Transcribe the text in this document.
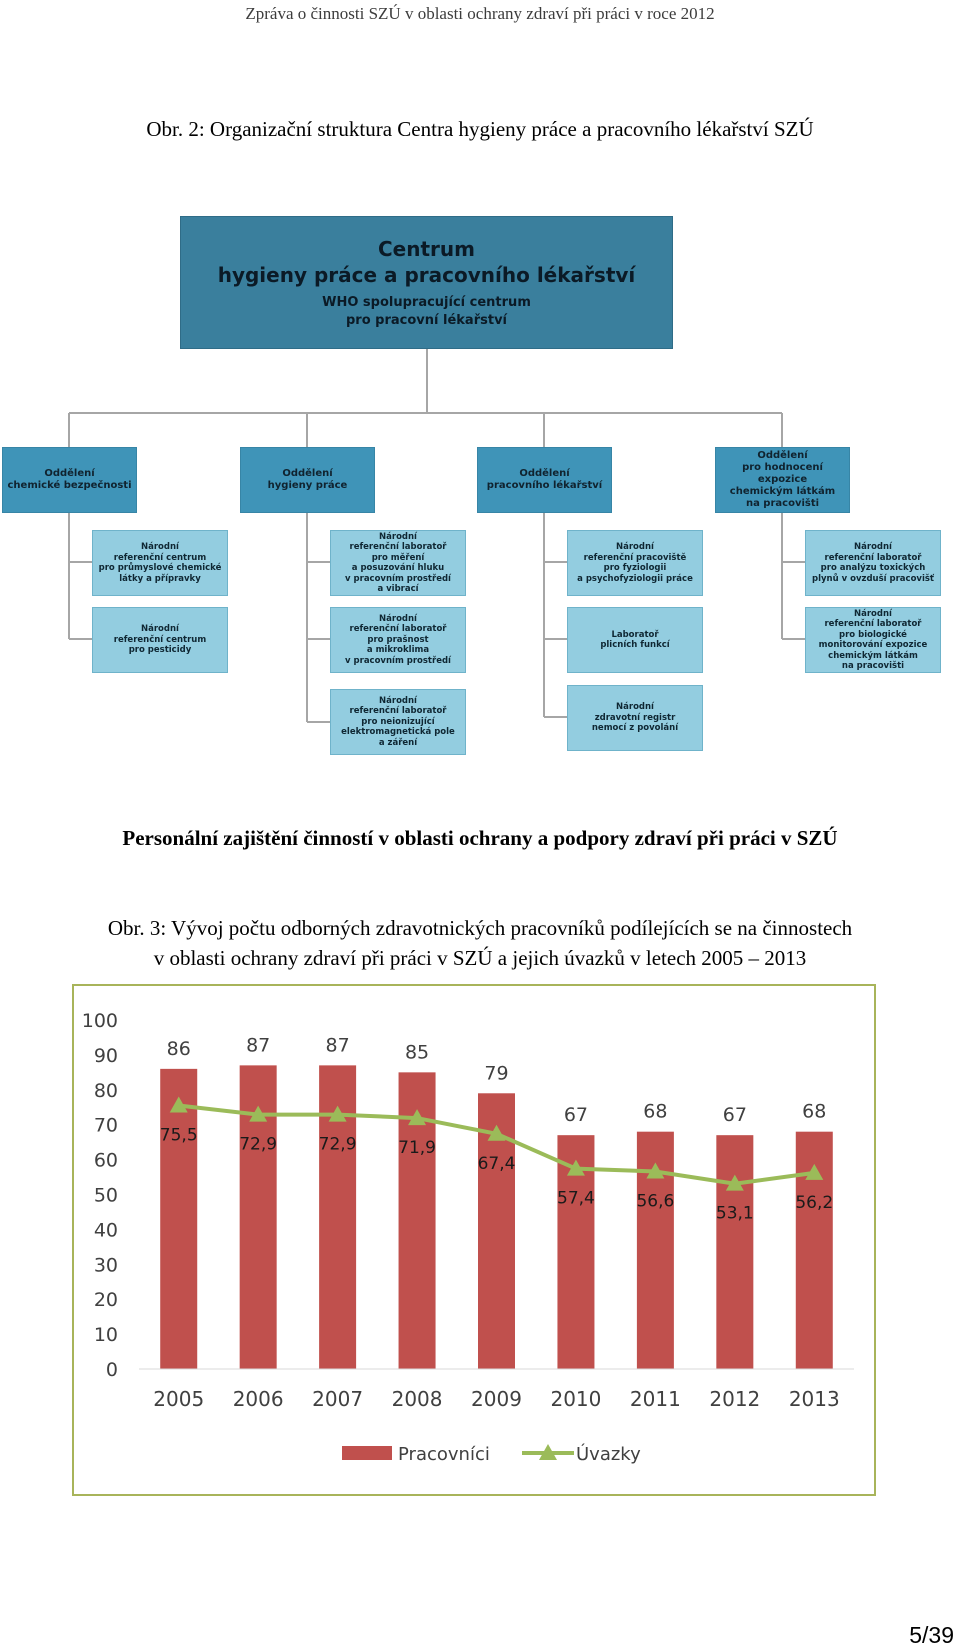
Zpráva o činnosti SZÚ v oblasti ochrany zdraví při práci v roce 2012
Obr. 2: Organizační struktura Centra hygieny práce a pracovního lékařství SZÚ
Centrum
hygieny práce a pracovního lékařství
WHO spolupracující centrum
pro pracovní lékařství
Oddělení
chemické bezpečnosti
Oddělení
hygieny práce
Oddělení
pracovního lékařství
Oddělení
pro hodnocení expozice
chemickým látkám
na pracovišti
Národní
referenční centrum
pro průmyslové chemické
látky a přípravky
Národní
referenční centrum
pro pesticidy
Národní
referenční laboratoř
pro měření
a posuzování hluku
v pracovním prostředí
a vibrací
Národní
referenční laboratoř
pro prašnost
a mikroklima
v pracovním prostředí
Národní
referenční laboratoř
pro neionizující
elektromagnetická pole
a záření
Národní
referenční pracoviště
pro fyziologii
a psychofyziologii práce
Laboratoř
plicních funkcí
Národní
zdravotní registr
nemocí z povolání
Národní
referenční laboratoř
pro analýzu toxických
plynů v ovzduší pracovišť
Národní
referenční laboratoř
pro biologické
monitorování expozice
chemickým látkám
na pracovišti
Personální zajištění činností v oblasti ochrany a podpory zdraví při práci v SZÚ
Obr. 3: Vývoj počtu odborných zdravotnických pracovníků podílejících se na činnostech
v oblasti ochrany zdraví při práci v SZÚ a jejich úvazků v letech 2005 – 2013
0
10
20
30
40
50
60
70
80
90
100
86	87	87	85
79
67	68	67	68
75,5 72,9 72,9 71,9
67,4
57,4 56,6
53,1
56,2
2005 2006 2007 2008 2009 2010 2011 2012 2013
Pracovníci	Úvazky
5/39
